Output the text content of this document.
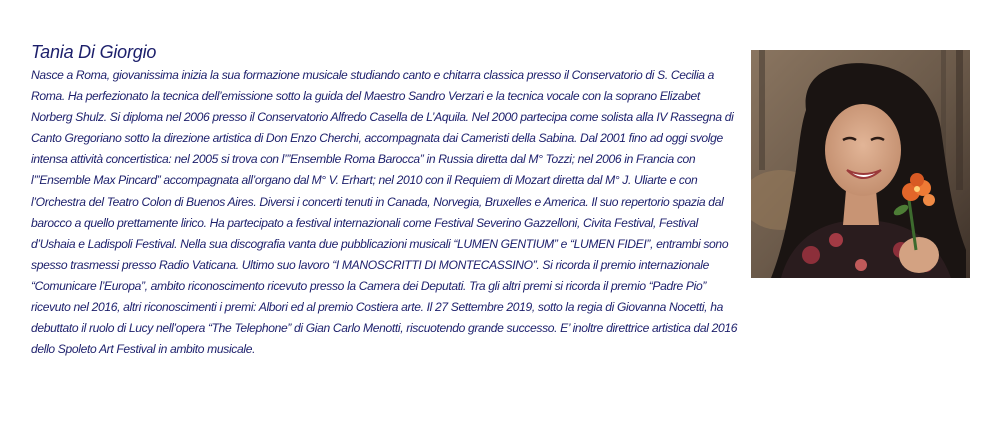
Tania Di Giorgio

Nasce a Roma, giovanissima inizia la sua formazione musicale studiando canto e chitarra classica presso il Conservatorio di S. Cecilia a Roma. Ha perfezionato la tecnica dell’emissione sotto la guida del Maestro Sandro Verzari e la tecnica vocale con la soprano Elizabet Norberg Shulz. Si diploma nel 2006 presso il Conservatorio Alfredo Casella de L’Aquila. Nel 2000 partecipa come solista alla IV Rassegna di Canto Gregoriano sotto la direzione artistica di Don Enzo Cherchi, accompagnata dai Cameristi della Sabina. Dal 2001 fino ad oggi svolge intensa attività concertistica: nel 2005 si trova con l’”Ensemble Roma Barocca” in Russia diretta dal M° Tozzi; nel 2006 in Francia con l’”Ensemble Max Pincard” accompagnata all’organo dal M° V. Erhart; nel 2010 con il Requiem di Mozart diretta dal M° J. Uliarte e con l’Orchestra del Teatro Colon di Buenos Aires. Diversi i concerti tenuti in Canada, Norvegia, Bruxelles e America. Il suo repertorio spazia dal barocco a quello prettamente lirico. Ha partecipato a festival internazionali come Festival Severino Gazzelloni, Civita Festival, Festival d’Ushaia e Ladispoli Festival. Nella sua discografia vanta due pubblicazioni musicali “LUMEN GENTIUM” e “LUMEN FIDEI”, entrambi sono spesso trasmessi presso Radio Vaticana. Ultimo suo lavoro “I MANOSCRITTI DI MONTECASSINO”. Si ricorda il premio internazionale “Comunicare l’Europa”, ambito riconoscimento ricevuto presso la Camera dei Deputati. Tra gli altri premi si ricorda il premio “Padre Pio” ricevuto nel 2016, altri riconoscimenti i premi: Albori ed al premio Costiera arte. Il 27 Settembre 2019, sotto la regia di Giovanna Nocetti, ha debuttato il ruolo di Lucy nell’opera “The Telephone” di Gian Carlo Menotti, riscuotendo grande successo. E’ inoltre direttrice artistica dal 2016 dello Spoleto Art Festival in ambito musicale.
